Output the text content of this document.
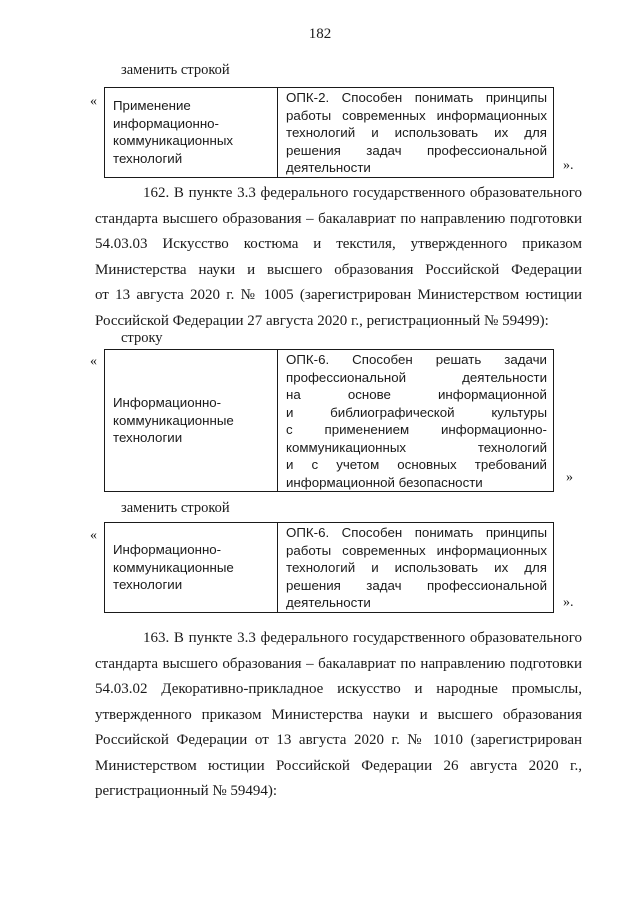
182
заменить строкой
« Применение
информационно-
коммуникационных
технологий

ОПК-2. Способен понимать принципы
работы современных информационных
технологий и использовать их для
решения задач профессиональной
деятельности	».
162. В пункте 3.3 федерального государственного образовательного
стандарта высшего образования – бакалавриат по направлению подготовки
54.03.03 Искусство костюма и текстиля, утвержденного приказом
Министерства науки и высшего образования Российской Федерации
от 13 августа 2020 г. № 1005 (зарегистрирован Министерством юстиции
Российской Федерации 27 августа 2020 г., регистрационный № 59499):
строку
«
Информационно-
коммуникационные
технологии

ОПК-6. Способен решать задачи
профессиональной деятельности
на основе информационной
и библиографической культуры
с применением информационно-
коммуникационных технологий
и с учетом основных требований
информационной безопасности	»
заменить строкой
«
Информационно-
коммуникационные
технологии

ОПК-6. Способен понимать принципы
работы современных информационных
технологий и использовать их для
решения задач профессиональной
деятельности	».
163. В пункте 3.3 федерального государственного образовательного
стандарта высшего образования – бакалавриат по направлению подготовки
54.03.02 Декоративно-прикладное искусство и народные промыслы,
утвержденного приказом Министерства науки и высшего образования
Российской Федерации от 13 августа 2020 г. № 1010 (зарегистрирован
Министерством юстиции Российской Федерации 26 августа 2020 г.,
регистрационный № 59494):
